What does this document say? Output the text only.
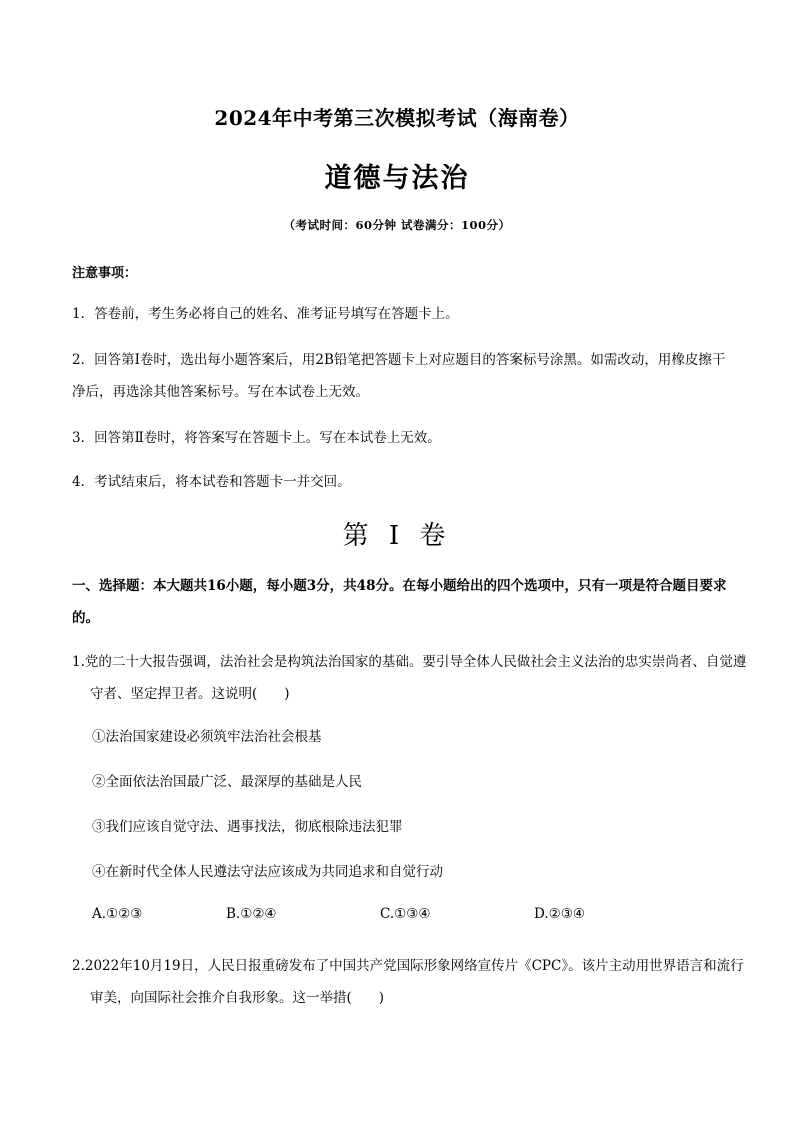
2024年中考第三次模拟考试（海南卷）
道德与法治
（考试时间：60分钟 试卷满分：100分）
注意事项：
1．答卷前，考生务必将自己的姓名、准考证号填写在答题卡上。
2．回答第Ⅰ卷时，选出每小题答案后，用2B铅笔把答题卡上对应题目的答案标号涂黑。如需改动，用橡皮擦干净后，再选涂其他答案标号。写在本试卷上无效。
3．回答第Ⅱ卷时，将答案写在答题卡上。写在本试卷上无效。
4．考试结束后，将本试卷和答题卡一并交回。
第 I 卷
一、选择题：本大题共16小题，每小题3分，共48分。在每小题给出的四个选项中，只有一项是符合题目要求的。
1.党的二十大报告强调，法治社会是构筑法治国家的基础。要引导全体人民做社会主义法治的忠实崇尚者、自觉遵守者、坚定捍卫者。这说明(　　)
①法治国家建设必须筑牢法治社会根基
②全面依法治国最广泛、最深厚的基础是人民
③我们应该自觉守法、遇事找法，彻底根除违法犯罪
④在新时代全体人民遵法守法应该成为共同追求和自觉行动
A.①②③	B.①②④	C.①③④	D.②③④
2.2022年10月19日，人民日报重磅发布了中国共产党国际形象网络宣传片《CPC》。该片主动用世界语言和流行审美，向国际社会推介自我形象。这一举措(　　)
